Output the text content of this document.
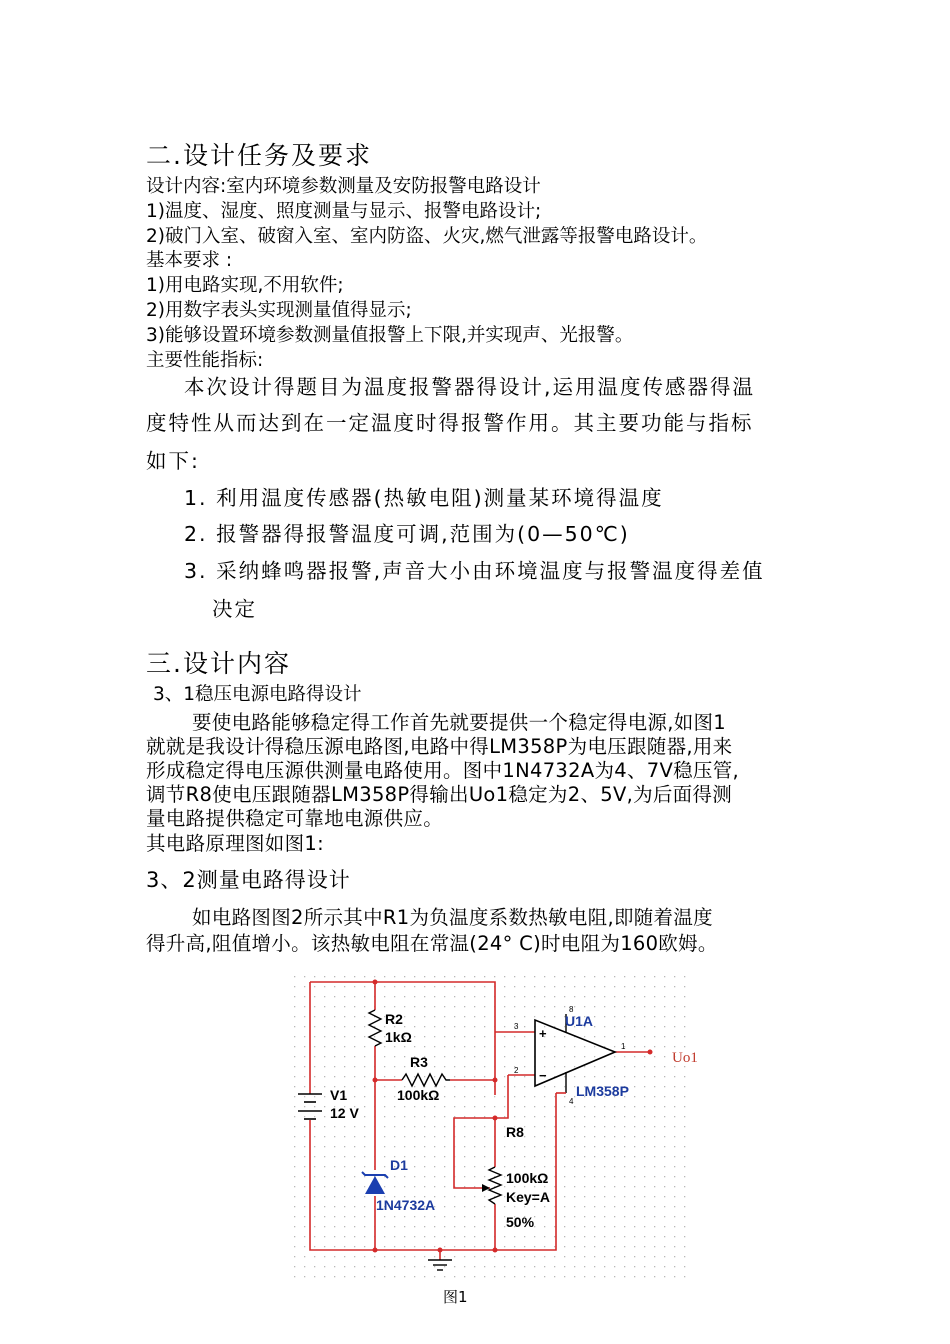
二.设计任务及要求
设计内容:室内环境参数测量及安防报警电路设计
1)温度、湿度、照度测量与显示、报警电路设计;
2)破门入室、破窗入室、室内防盗、火灾,燃气泄露等报警电路设计。
基本要求 :
1)用电路实现,不用软件;
2)用数字表头实现测量值得显示;
3)能够设置环境参数测量值报警上下限,并实现声、光报警。
主要性能指标:
本次设计得题目为温度报警器得设计,运用温度传感器得温
度特性从而达到在一定温度时得报警作用。其主要功能与指标
如下:
1. 利用温度传感器(热敏电阻)测量某环境得温度
2. 报警器得报警温度可调,范围为(0—50℃)
3. 采纳蜂鸣器报警,声音大小由环境温度与报警温度得差值
决定
三.设计内容
3、1稳压电源电路得设计
要使电路能够稳定得工作首先就要提供一个稳定得电源,如图1
就就是我设计得稳压源电路图,电路中得LM358P为电压跟随器,用来
形成稳定得电压源供测量电路使用。图中1N4732A为4、7V稳压管,
调节R8使电压跟随器LM358P得输出Uo1稳定为2、5V,为后面得测
量电路提供稳定可靠地电源供应。
其电路原理图如图1:
3、2测量电路得设计
如电路图图2所示其中R1为负温度系数热敏电阻,即随着温度
得升高,阻值增小。该热敏电阻在常温(24° C)时电阻为160欧姆。
R2
1kΩ
R3
100kΩ
V1
12 V
R8
100kΩ
Key=A
50%
D1
1N4732A
U1A
LM358P
3
2
1
4
8
+
−
Uo1
图1
